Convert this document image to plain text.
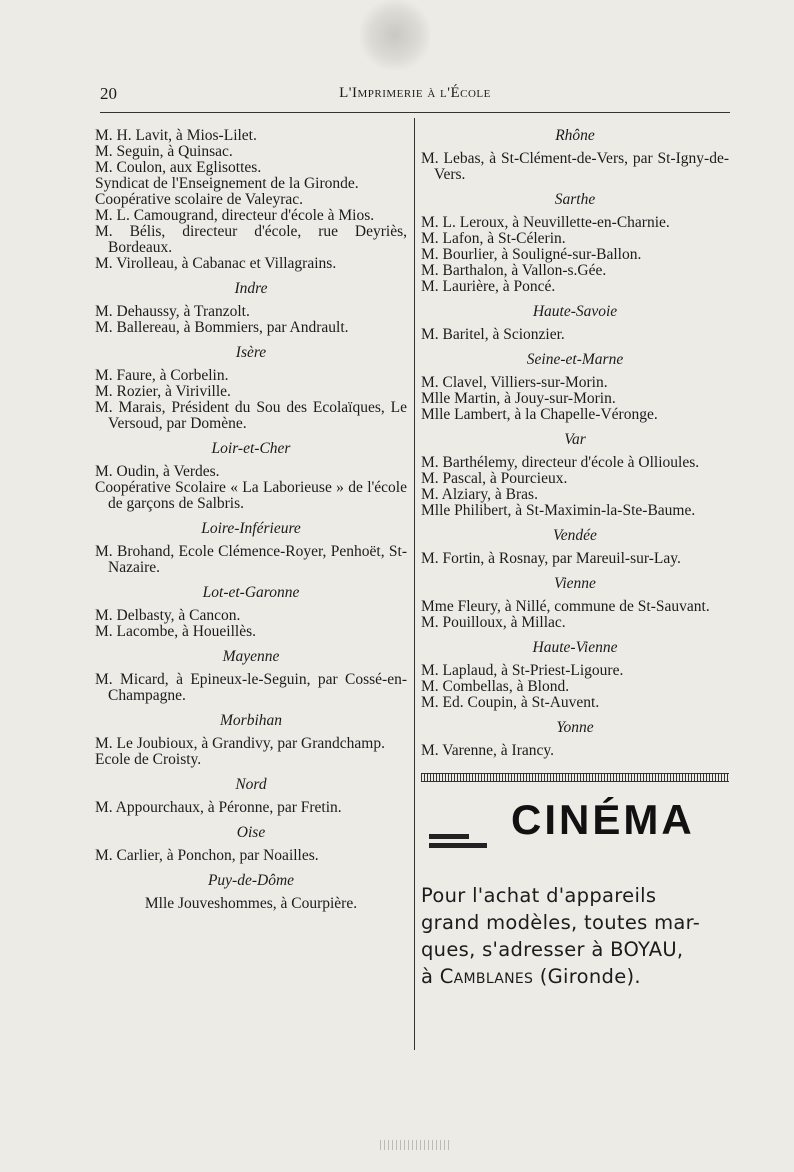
20	L'Imprimerie à l'École

M. H. Lavit, à Mios-Lilet.

M. Seguin, à Quinsac.

M. Coulon, aux Eglisottes.

Syndicat de l'Enseignement de la Gironde.

Coopérative scolaire de Valeyrac.

M. L. Camougrand, directeur d'école à Mios.

M. Bélis, directeur d'école, rue Deyriès, Bordeaux.

M. Virolleau, à Cabanac et Villagrains.

Indre

M. Dehaussy, à Tranzolt.

M. Ballereau, à Bommiers, par Andrault.

Isère

M. Faure, à Corbelin.

M. Rozier, à Viriville.

M. Marais, Président du Sou des Ecolaïques, Le Versoud, par Domène.

Loir-et-Cher

M. Oudin, à Verdes.

Coopérative Scolaire « La Laborieuse » de l'école de garçons de Salbris.

Loire-Inférieure

M. Brohand, Ecole Clémence-Royer, Penhoët, St-Nazaire.

Lot-et-Garonne

M. Delbasty, à Cancon.

M. Lacombe, à Houeillès.

Mayenne

M. Micard, à Epineux-le-Seguin, par Cossé-en-Champagne.

Morbihan

M. Le Joubioux, à Grandivy, par Grandchamp.

Ecole de Croisty.

Nord

M. Appourchaux, à Péronne, par Fretin.

Oise

M. Carlier, à Ponchon, par Noailles.

Puy-de-Dôme

Mlle Jouveshommes, à Courpière.

Rhône

M. Lebas, à St-Clément-de-Vers, par St-Igny-de-Vers.

Sarthe

M. L. Leroux, à Neuvillette-en-Charnie.

M. Lafon, à St-Célerin.

M. Bourlier, à Souligné-sur-Ballon.

M. Barthalon, à Vallon-s.Gée.

M. Laurière, à Poncé.

Haute-Savoie

M. Baritel, à Scionzier.

Seine-et-Marne

M. Clavel, Villiers-sur-Morin.

Mlle Martin, à Jouy-sur-Morin.

Mlle Lambert, à la Chapelle-Véronge.

Var

M. Barthélemy, directeur d'école à Ollioules.

M. Pascal, à Pourcieux.

M. Alziary, à Bras.

Mlle Philibert, à St-Maximin-la-Ste-Baume.

Vendée

M. Fortin, à Rosnay, par Mareuil-sur-Lay.

Vienne

Mme Fleury, à Nillé, commune de St-Sauvant.

M. Pouilloux, à Millac.

Haute-Vienne

M. Laplaud, à St-Priest-Ligoure.

M. Combellas, à Blond.

M. Ed. Coupin, à St-Auvent.

Yonne

M. Varenne, à Irancy.

CINÉMA
Pour l'achat d'appareils
grand modèles, toutes mar-
ques, s'adresser à BOYAU,
à Camblanes (Gironde).
